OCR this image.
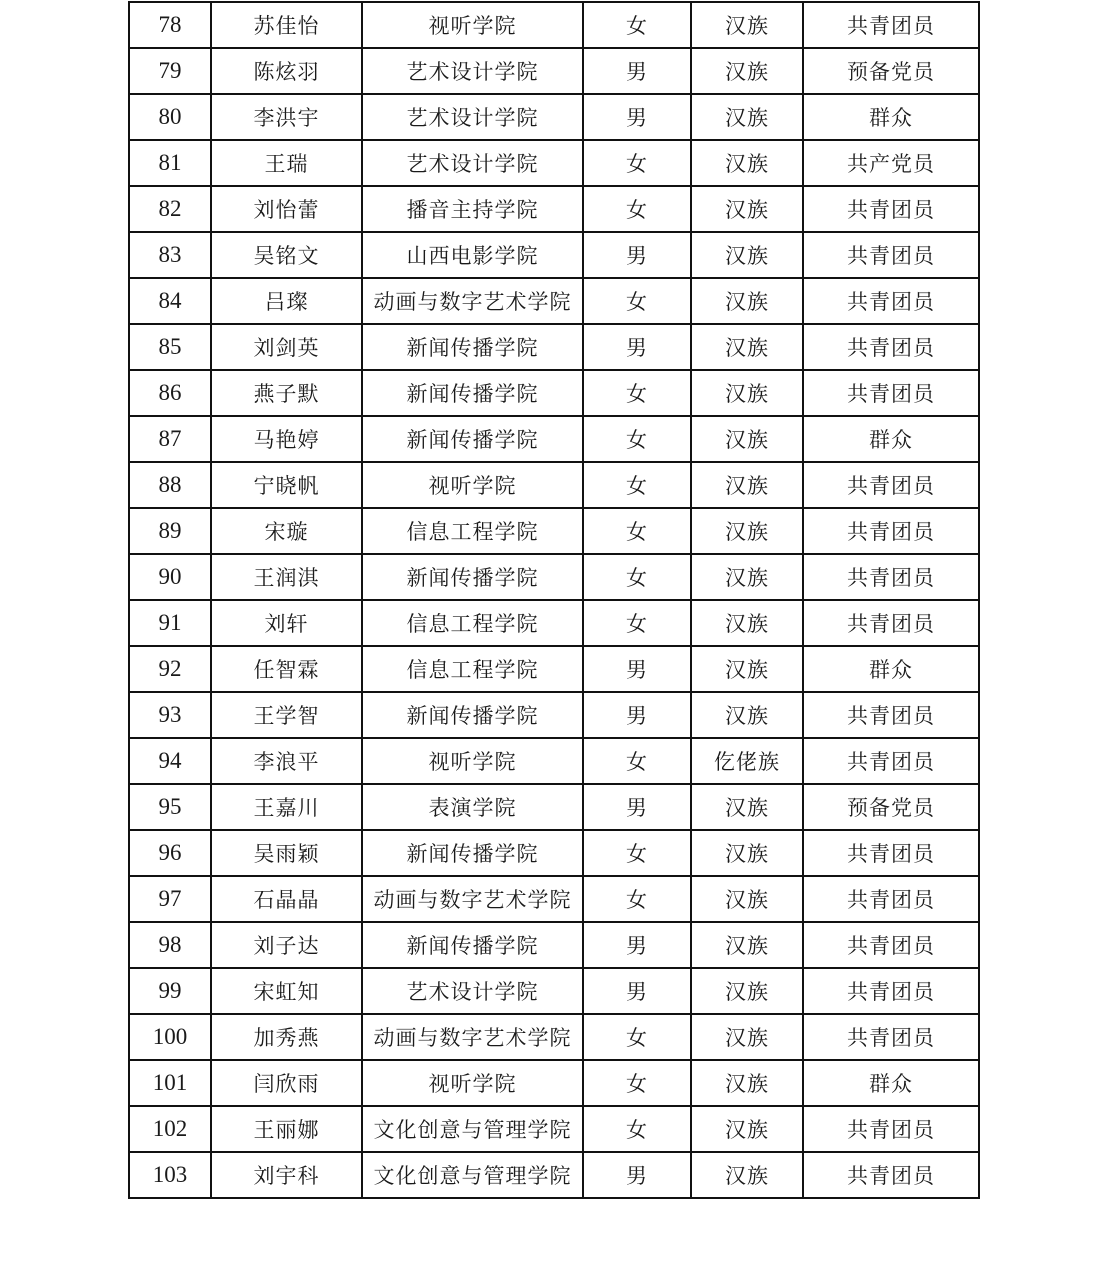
78	苏佳怡	视听学院	女	汉族	共青团员
79	陈炫羽	艺术设计学院	男	汉族	预备党员
80	李洪宇	艺术设计学院	男	汉族	群众
81	王瑞	艺术设计学院	女	汉族	共产党员
82	刘怡蕾	播音主持学院	女	汉族	共青团员
83	吴铭文	山西电影学院	男	汉族	共青团员
84	吕璨	动画与数字艺术学院	女	汉族	共青团员
85	刘剑英	新闻传播学院	男	汉族	共青团员
86	燕子默	新闻传播学院	女	汉族	共青团员
87	马艳婷	新闻传播学院	女	汉族	群众
88	宁晓帆	视听学院	女	汉族	共青团员
89	宋璇	信息工程学院	女	汉族	共青团员
90	王润淇	新闻传播学院	女	汉族	共青团员
91	刘轩	信息工程学院	女	汉族	共青团员
92	任智霖	信息工程学院	男	汉族	群众
93	王学智	新闻传播学院	男	汉族	共青团员
94	李浪平	视听学院	女	仡佬族	共青团员
95	王嘉川	表演学院	男	汉族	预备党员
96	吴雨颖	新闻传播学院	女	汉族	共青团员
97	石晶晶	动画与数字艺术学院	女	汉族	共青团员
98	刘子达	新闻传播学院	男	汉族	共青团员
99	宋虹知	艺术设计学院	男	汉族	共青团员
100	加秀燕	动画与数字艺术学院	女	汉族	共青团员
101	闫欣雨	视听学院	女	汉族	群众
102	王丽娜	文化创意与管理学院	女	汉族	共青团员
103	刘宇科	文化创意与管理学院	男	汉族	共青团员
